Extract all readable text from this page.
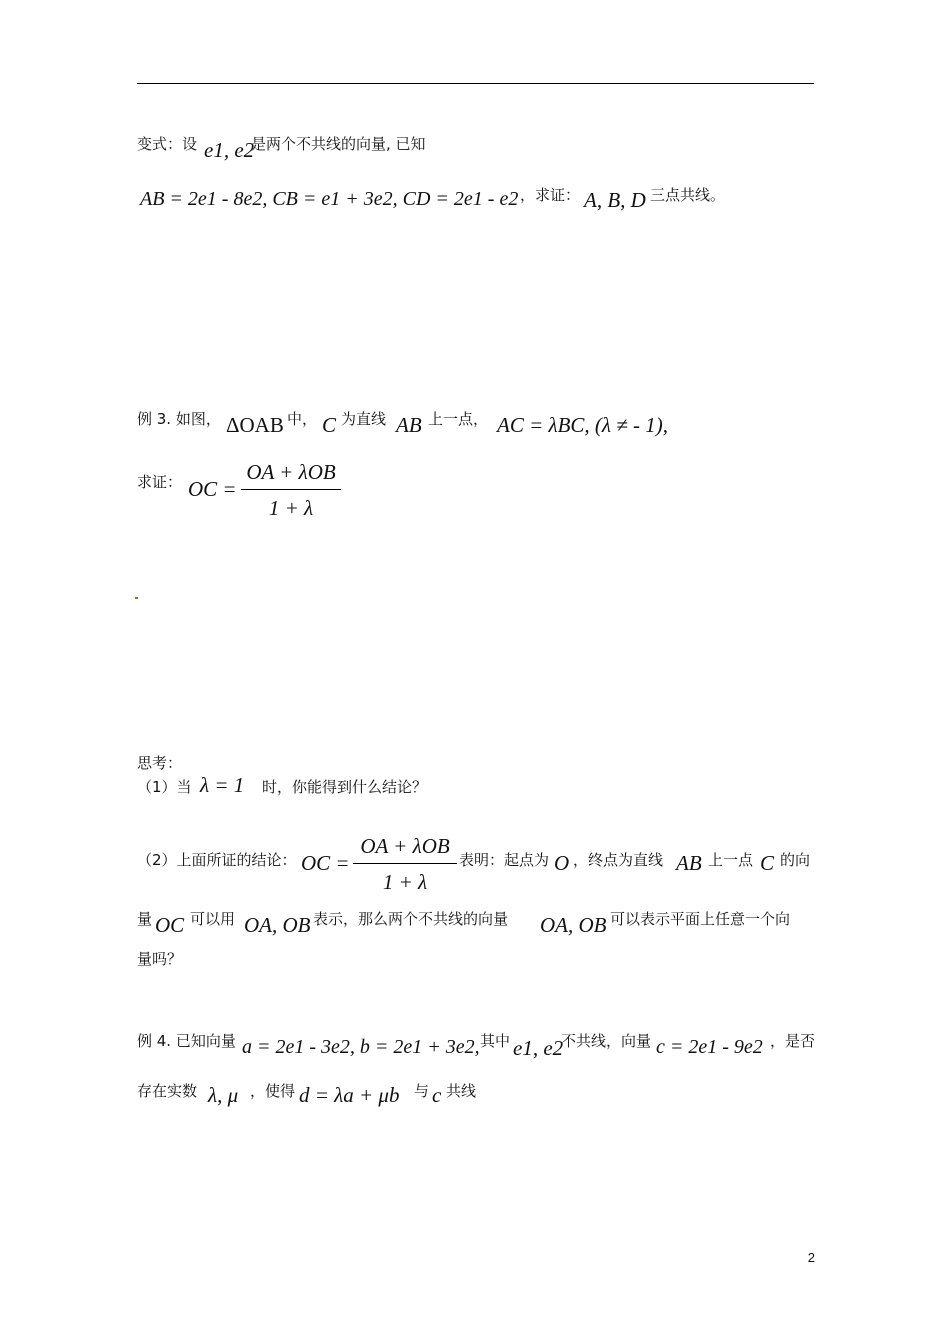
变式：设 e1, e2
是两个不共线的向量, 已知
AB = 2e1 - 8e2, CB = e1 + 3e2, CD = 2e1 - e2 ，求证： A, B, D 三点共线。
例 3. 如图， ΔOAB 中， C 为直线 AB 上一点， AC = λBC, (λ ≠ - 1),
求证： OC =
OA + λOB
1 + λ
思考：
（1）当 λ = 1 时，你能得到什么结论？
（2）上面所证的结论： OC =
OA + λOB
1 + λ
表明：起点为 O ，终点为直线 AB 上一点 C 的向
量 OC 可以用 OA, OB 表示，那么两个不共线的向量 OA, OB 可以表示平面上任意一个向
量吗？
例 4. 已知向量 a = 2e1 - 3e2, b = 2e1 + 3e2, 其中 e1, e2
不共线，向量 c = 2e1 - 9e2 ，是否
存在实数 λ, μ ，使得 d = λa + μb 与 c 共线
2
